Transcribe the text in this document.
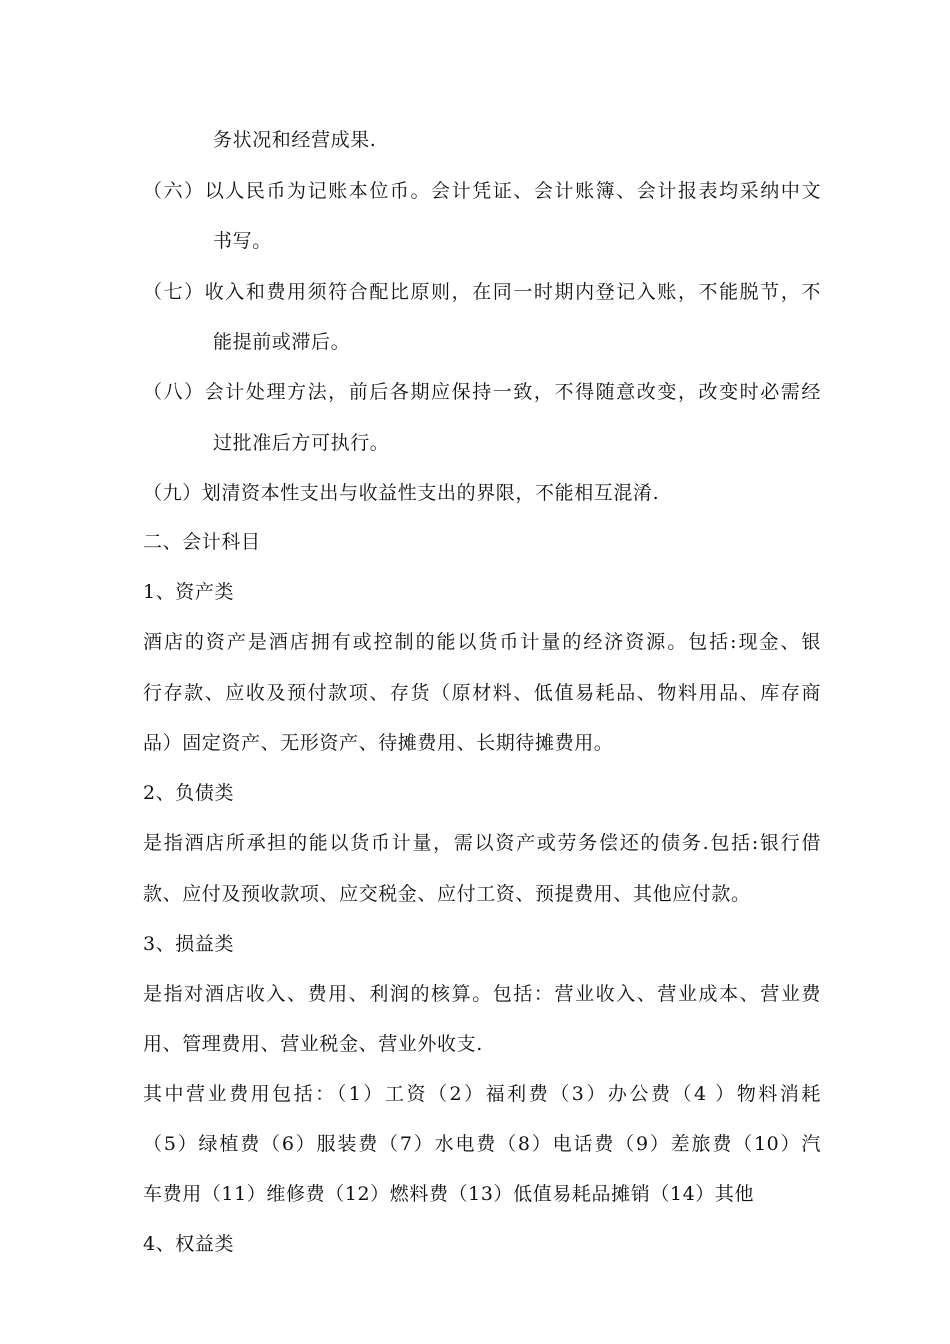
务状况和经营成果.
（六）以人民币为记账本位币。会计凭证、会计账簿、会计报表均采纳中文
书写。
（七）收入和费用须符合配比原则，在同一时期内登记入账，不能脱节，不
能提前或滞后。
（八）会计处理方法，前后各期应保持一致，不得随意改变，改变时必需经
过批准后方可执行。
（九）划清资本性支出与收益性支出的界限，不能相互混淆.
二、会计科目
1、资产类
酒店的资产是酒店拥有或控制的能以货币计量的经济资源。包括:现金、银
行存款、应收及预付款项、存货（原材料、低值易耗品、物料用品、库存商
品）固定资产、无形资产、待摊费用、长期待摊费用。
2、负债类
是指酒店所承担的能以货币计量，需以资产或劳务偿还的债务.包括:银行借
款、应付及预收款项、应交税金、应付工资、预提费用、其他应付款。
3、损益类
是指对酒店收入、费用、利润的核算。包括：营业收入、营业成本、营业费
用、管理费用、营业税金、营业外收支.
其中营业费用包括：（1）工资（2）福利费（3）办公费（4 ）物料消耗
（5）绿植费（6）服装费（7）水电费（8）电话费（9）差旅费（10）汽
车费用（11）维修费（12）燃料费（13）低值易耗品摊销（14）其他
4、权益类
